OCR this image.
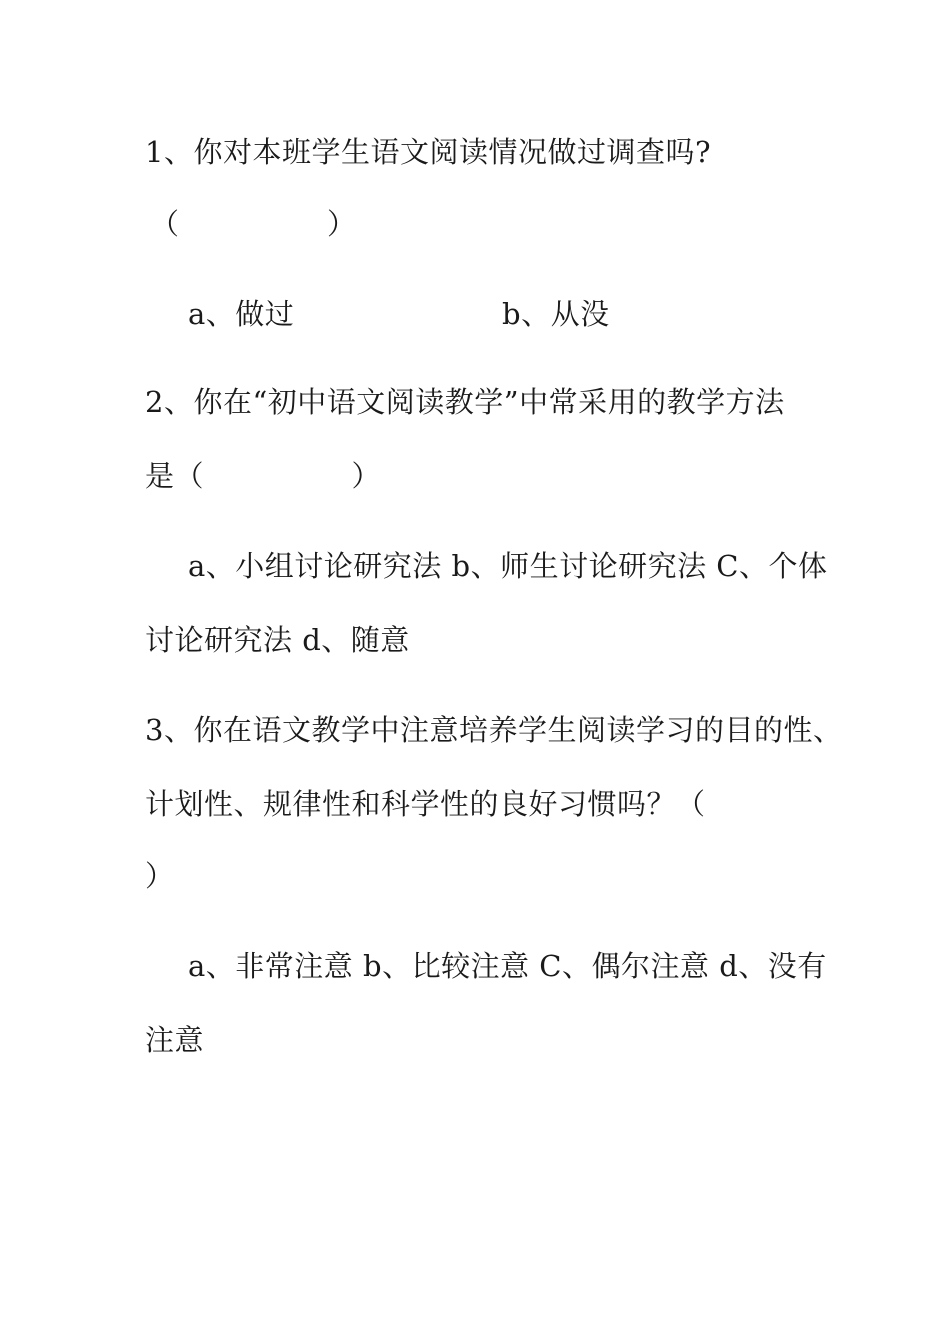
1、你对本班学生语文阅读情况做过调查吗?
（　　　　　）
a、做过	b、从没
2、你在“初中语文阅读教学”中常采用的教学方法
是（　　　　　）
a、小组讨论研究法 b、师生讨论研究法 C、个体
讨论研究法 d、随意
3、你在语文教学中注意培养学生阅读学习的目的性、
计划性、规律性和科学性的良好习惯吗？（
）
a、非常注意 b、比较注意 C、偶尔注意 d、没有
注意
